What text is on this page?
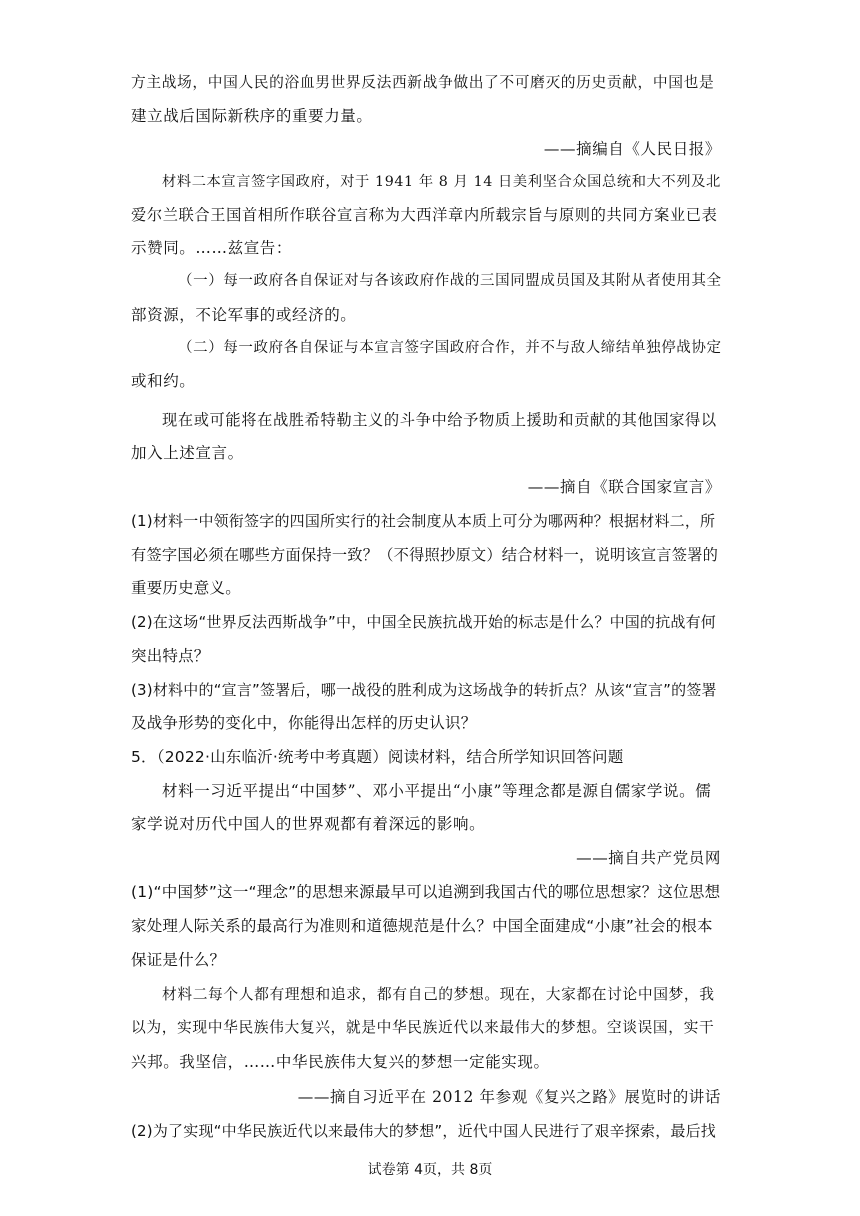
方主战场，中国人民的浴血男世界反法西新战争做出了不可磨灭的历史贡献，中国也是
建立战后国际新秩序的重要力量。
——摘编自《人民日报》
材料二本宣言签字国政府，对于 1941 年 8 月 14 日美利坚合众国总统和大不列及北
爱尔兰联合王国首相所作联谷宣言称为大西洋章内所载宗旨与原则的共同方案业已表
示赞同。……兹宣告：
（一）每一政府各自保证对与各该政府作战的三国同盟成员国及其附从者使用其全
部资源，不论军事的或经济的。
（二）每一政府各自保证与本宣言签字国政府合作，并不与敌人缔结单独停战协定
或和约。
现在或可能将在战胜希特勒主义的斗争中给予物质上援助和贡献的其他国家得以
加入上述宣言。
——摘自《联合国家宣言》
(1)材料一中领衔签字的四国所实行的社会制度从本质上可分为哪两种？根据材料二，所
有签字国必须在哪些方面保持一致？（不得照抄原文）结合材料一，说明该宣言签署的
重要历史意义。
(2)在这场“世界反法西斯战争”中，中国全民族抗战开始的标志是什么？中国的抗战有何
突出特点？
(3)材料中的“宣言”签署后，哪一战役的胜利成为这场战争的转折点？从该“宣言”的签署
及战争形势的变化中，你能得出怎样的历史认识？
5．（2022·山东临沂·统考中考真题）阅读材料，结合所学知识回答问题
材料一习近平提出“中国梦”、邓小平提出“小康”等理念都是源自儒家学说。儒
家学说对历代中国人的世界观都有着深远的影响。
——摘自共产党员网
(1)“中国梦”这一“理念”的思想来源最早可以追溯到我国古代的哪位思想家？这位思想
家处理人际关系的最高行为准则和道德规范是什么？中国全面建成“小康”社会的根本
保证是什么？
材料二每个人都有理想和追求，都有自己的梦想。现在，大家都在讨论中国梦，我
以为，实现中华民族伟大复兴，就是中华民族近代以来最伟大的梦想。空谈误国，实干
兴邦。我坚信，……中华民族伟大复兴的梦想一定能实现。
——摘自习近平在 2012 年参观《复兴之路》展览时的讲话
(2)为了实现“中华民族近代以来最伟大的梦想”，近代中国人民进行了艰辛探索，最后找
试卷第 4页，共 8页
